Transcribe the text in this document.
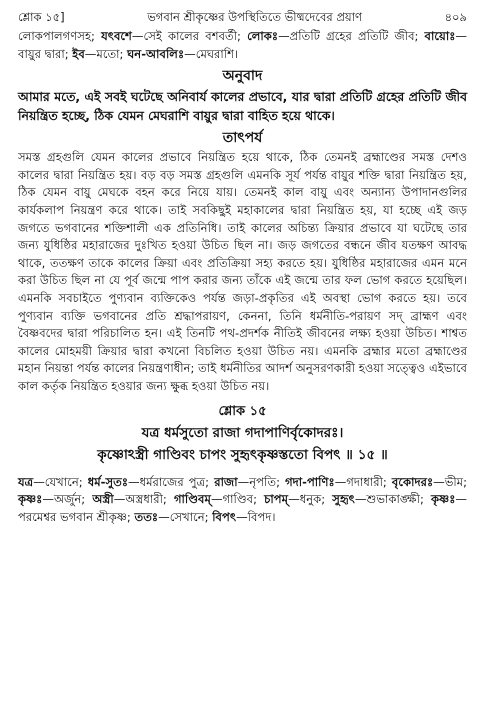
শ্লোক ১৫]	ভগবান শ্রীকৃষ্ণের উপস্থিতিতে ভীষ্মদেবের প্রয়াণ	৪০৯

লোকপালগণসহ; যৎবশে—সেই কালের বশবর্তী; লোকঃ—প্রতিটি গ্রহের প্রতিটি জীব; বায়োঃ—বায়ুর দ্বারা; ইব—মতো; ঘন-আবলিঃ—মেঘরাশি।

অনুবাদ

আমার মতে, এই সবই ঘটেছে অনিবার্য কালের প্রভাবে, যার দ্বারা প্রতিটি গ্রহের প্রতিটি জীব নিয়ন্ত্রিত হচ্ছে, ঠিক যেমন মেঘরাশি বায়ুর দ্বারা বাহিত হয়ে থাকে।

তাৎপর্য

সমস্ত গ্রহগুলি যেমন কালের প্রভাবে নিয়ন্ত্রিত হয়ে থাকে, ঠিক তেমনই ব্রহ্মাণ্ডের সমস্ত দেশও কালের দ্বারা নিয়ন্ত্রিত হয়। বড় বড় সমস্ত গ্রহগুলি এমনকি সূর্য পর্যন্ত বায়ুর শক্তি দ্বারা নিয়ন্ত্রিত হয়, ঠিক যেমন বায়ু মেঘকে বহন করে নিয়ে যায়। তেমনই কাল বায়ু এবং অন্যান্য উপাদানগুলির কার্যকলাপ নিয়ন্ত্রণ করে থাকে। তাই সবকিছুই মহাকালের দ্বারা নিয়ন্ত্রিত হয়, যা হচ্ছে এই জড় জগতে ভগবানের শক্তিশালী এক প্রতিনিধি। তাই কালের অচিন্ত্য ক্রিয়ার প্রভাবে যা ঘটেছে তার জন্য যুধিষ্ঠির মহারাজের দুঃখিত হওয়া উচিত ছিল না। জড় জগতের বন্ধনে জীব যতক্ষণ আবদ্ধ থাকে, ততক্ষণ তাকে কালের ক্রিয়া এবং প্রতিক্রিয়া সহ্য করতে হয়। যুধিষ্ঠির মহারাজের এমন মনে করা উচিত ছিল না যে পূর্ব জন্মে পাপ করার জন্য তাঁকে এই জন্মে তার ফল ভোগ করতে হয়েছিল। এমনকি সবচাইতে পুণ্যবান ব্যক্তিকেও পর্যন্ত জড়া-প্রকৃতির এই অবস্থা ভোগ করতে হয়। তবে পুণ্যবান ব্যক্তি ভগবানের প্রতি শ্রদ্ধাপরায়ণ, কেননা, তিনি ধর্মনীতি-পরায়ণ সদ্ ব্রাহ্মণ এবং বৈষ্ণবদের দ্বারা পরিচালিত হন। এই তিনটি পথ-প্রদর্শক নীতিই জীবনের লক্ষ্য হওয়া উচিত। শাশ্বত কালের মোহময়ী ক্রিয়ার দ্বারা কখনো বিচলিত হওয়া উচিত নয়। এমনকি ব্রহ্মার মতো ব্রহ্মাণ্ডের মহান নিয়ন্তা পর্যন্ত কালের নিয়ন্ত্রণাধীন; তাই ধর্মনীতির আদর্শ অনুসরণকারী হওয়া সত্ত্বেও এইভাবে কাল কর্তৃক নিয়ন্ত্রিত হওয়ার জন্য ক্ষুব্ধ হওয়া উচিত নয়।

শ্লোক ১৫

যত্র ধর্মসুতো রাজা গদাপাণির্বৃকোদরঃ।

কৃষ্ণোঽস্ত্রী গাণ্ডিবং চাপং সুহৃৎকৃষ্ণস্ততো বিপৎ ॥ ১৫ ॥

যত্র—যেখানে; ধর্ম-সুতঃ—ধর্মরাজের পুত্র; রাজা—নৃপতি; গদা-পাণিঃ—গদাধারী; বৃকোদরঃ—ভীম; কৃষ্ণঃ—অর্জুন; অস্ত্রী—অস্ত্রধারী; গাণ্ডিবম্—গাণ্ডিব; চাপম্—ধনুক; সুহৃৎ—শুভাকাঙ্ক্ষী; কৃষ্ণঃ—পরমেশ্বর ভগবান শ্রীকৃষ্ণ; ততঃ—সেখানে; বিপৎ—বিপদ।
